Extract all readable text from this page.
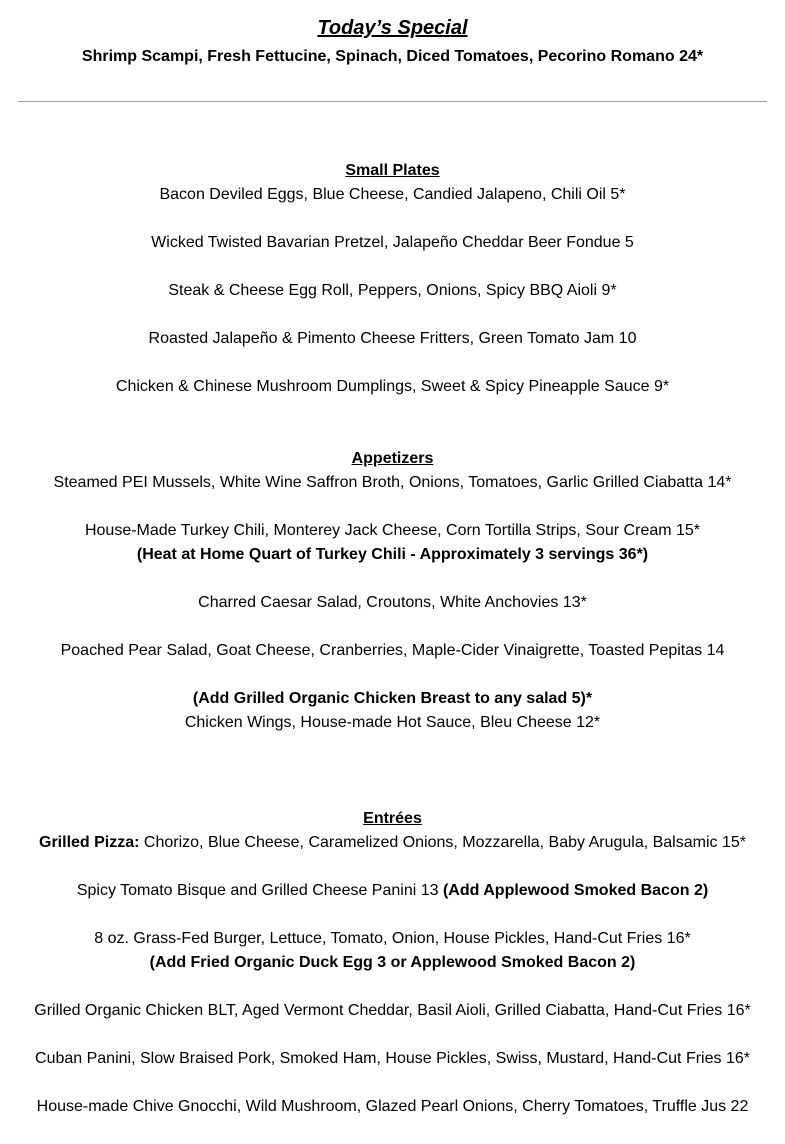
Today’s Special
Shrimp Scampi, Fresh Fettucine, Spinach, Diced Tomatoes, Pecorino Romano 24*
Small Plates
Bacon Deviled Eggs, Blue Cheese, Candied Jalapeno, Chili Oil 5*
Wicked Twisted Bavarian Pretzel, Jalapeño Cheddar Beer Fondue 5
Steak & Cheese Egg Roll, Peppers, Onions, Spicy BBQ Aioli 9*
Roasted Jalapeño & Pimento Cheese Fritters, Green Tomato Jam 10
Chicken & Chinese Mushroom Dumplings, Sweet & Spicy Pineapple Sauce 9*
Appetizers
Steamed PEI Mussels, White Wine Saffron Broth, Onions, Tomatoes, Garlic Grilled Ciabatta 14*
House-Made Turkey Chili, Monterey Jack Cheese, Corn Tortilla Strips, Sour Cream 15*
(Heat at Home Quart of Turkey Chili - Approximately 3 servings 36*)
Charred Caesar Salad, Croutons, White Anchovies 13*
Poached Pear Salad, Goat Cheese, Cranberries, Maple-Cider Vinaigrette, Toasted Pepitas 14
(Add Grilled Organic Chicken Breast to any salad 5)*
Chicken Wings, House-made Hot Sauce, Bleu Cheese 12*
Entrées
Grilled Pizza: Chorizo, Blue Cheese, Caramelized Onions, Mozzarella, Baby Arugula, Balsamic 15*
Spicy Tomato Bisque and Grilled Cheese Panini 13 (Add Applewood Smoked Bacon 2)
8 oz. Grass-Fed Burger, Lettuce, Tomato, Onion, House Pickles, Hand-Cut Fries 16*
(Add Fried Organic Duck Egg 3 or Applewood Smoked Bacon 2)
Grilled Organic Chicken BLT, Aged Vermont Cheddar, Basil Aioli, Grilled Ciabatta, Hand-Cut Fries 16*
Cuban Panini, Slow Braised Pork, Smoked Ham, House Pickles, Swiss, Mustard, Hand-Cut Fries 16*
House-made Chive Gnocchi, Wild Mushroom, Glazed Pearl Onions, Cherry Tomatoes, Truffle Jus 22
